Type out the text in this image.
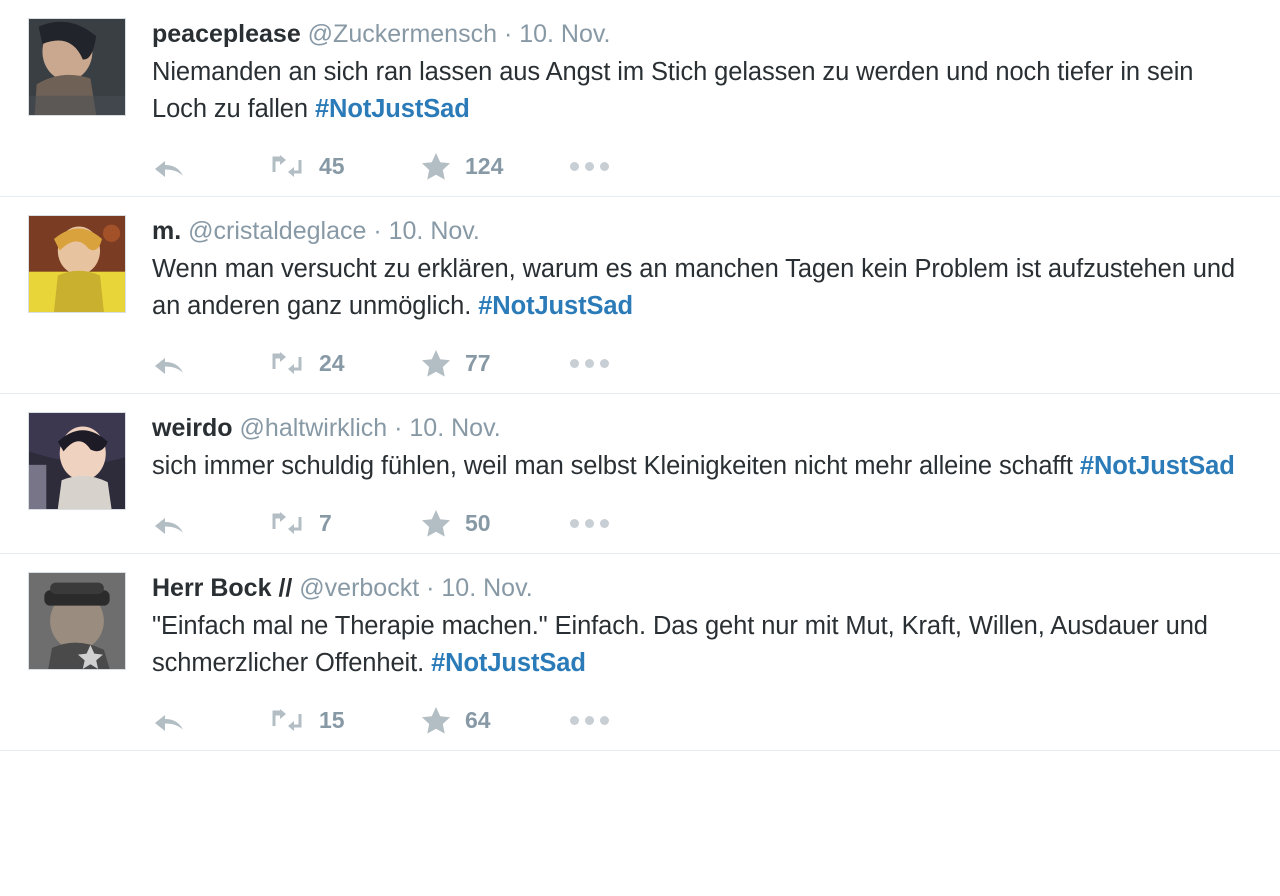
peaceplease @Zuckermensch · 10. Nov.
Niemanden an sich ran lassen aus Angst im Stich gelassen zu werden und noch tiefer in sein Loch zu fallen #NotJustSad
45	124
m. @cristaldeglace · 10. Nov.
Wenn man versucht zu erklären, warum es an manchen Tagen kein Problem ist aufzustehen und an anderen ganz unmöglich. #NotJustSad
24	77
weirdo @haltwirklich · 10. Nov.
sich immer schuldig fühlen, weil man selbst Kleinigkeiten nicht mehr alleine schafft #NotJustSad
7	50
Herr Bock // @verbockt · 10. Nov.
"Einfach mal ne Therapie machen." Einfach. Das geht nur mit Mut, Kraft, Willen, Ausdauer und schmerzlicher Offenheit. #NotJustSad
15	64
